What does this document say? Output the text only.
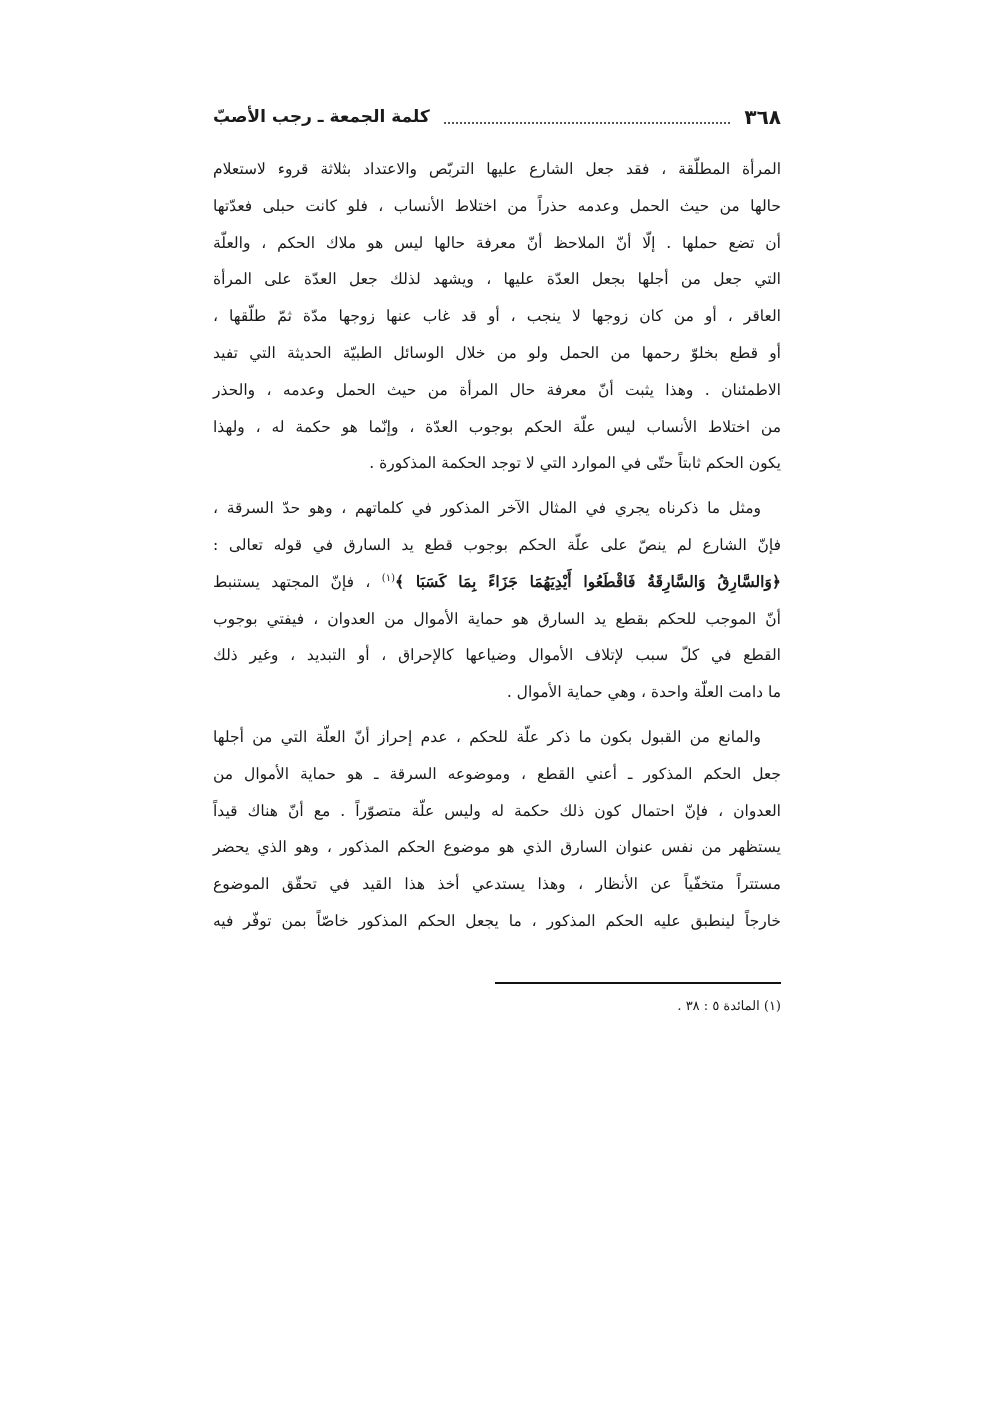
٣٦٨
كلمة الجمعة ـ رجب الأصبّ
المرأة المطلّقة ، فقد جعل الشارع عليها التربّص والاعتداد بثلاثة قروء لاستعلام
حالها من حيث الحمل وعدمه حذراً من اختلاط الأنساب ، فلو كانت حبلى فعدّتها
أن تضع حملها . إلّا أنّ الملاحظ أنّ معرفة حالها ليس هو ملاك الحكم ، والعلّة
التي جعل من أجلها بجعل العدّة عليها ، ويشهد لذلك جعل العدّة على المرأة
العاقر ، أو من كان زوجها لا ينجب ، أو قد غاب عنها زوجها مدّة ثمّ طلّقها ،
أو قطع بخلوّ رحمها من الحمل ولو من خلال الوسائل الطبيّة الحديثة التي تفيد
الاطمئنان . وهذا يثبت أنّ معرفة حال المرأة من حيث الحمل وعدمه ، والحذر
من اختلاط الأنساب ليس علّة الحكم بوجوب العدّة ، وإنّما هو حكمة له ، ولهذا
يكون الحكم ثابتاً حتّى في الموارد التي لا توجد الحكمة المذكورة .
ومثل ما ذكرناه يجري في المثال الآخر المذكور في كلماتهم ، وهو حدّ السرقة ،
فإنّ الشارع لم ينصّ على علّة الحكم بوجوب قطع يد السارق في قوله تعالى :
﴿وَالسَّارِقُ وَالسَّارِقَةُ فَاقْطَعُوا أَيْدِيَهُمَا جَزَاءً بِمَا كَسَبَا ﴾$^{(١)}$ ، فإنّ المجتهد يستنبط
أنّ الموجب للحكم بقطع يد السارق هو حماية الأموال من العدوان ، فيفتي بوجوب
القطع في كلّ سبب لإتلاف الأموال وضياعها كالإحراق ، أو التبديد ، وغير ذلك
ما دامت العلّة واحدة ، وهي حماية الأموال .
والمانع من القبول بكون ما ذكر علّة للحكم ، عدم إحراز أنّ العلّة التي من أجلها
جعل الحكم المذكور ـ أعني القطع ، وموضوعه السرقة ـ هو حماية الأموال من
العدوان ، فإنّ احتمال كون ذلك حكمة له وليس علّة متصوّراً . مع أنّ هناك قيداً
يستظهر من نفس عنوان السارق الذي هو موضوع الحكم المذكور ، وهو الذي يحضر
مستتراً متخفّياً عن الأنظار ، وهذا يستدعي أخذ هذا القيد في تحقّق الموضوع
خارجاً لينطبق عليه الحكم المذكور ، ما يجعل الحكم المذكور خاصّاً بمن توفّر فيه
(١) المائدة ٥ : ٣٨ .
